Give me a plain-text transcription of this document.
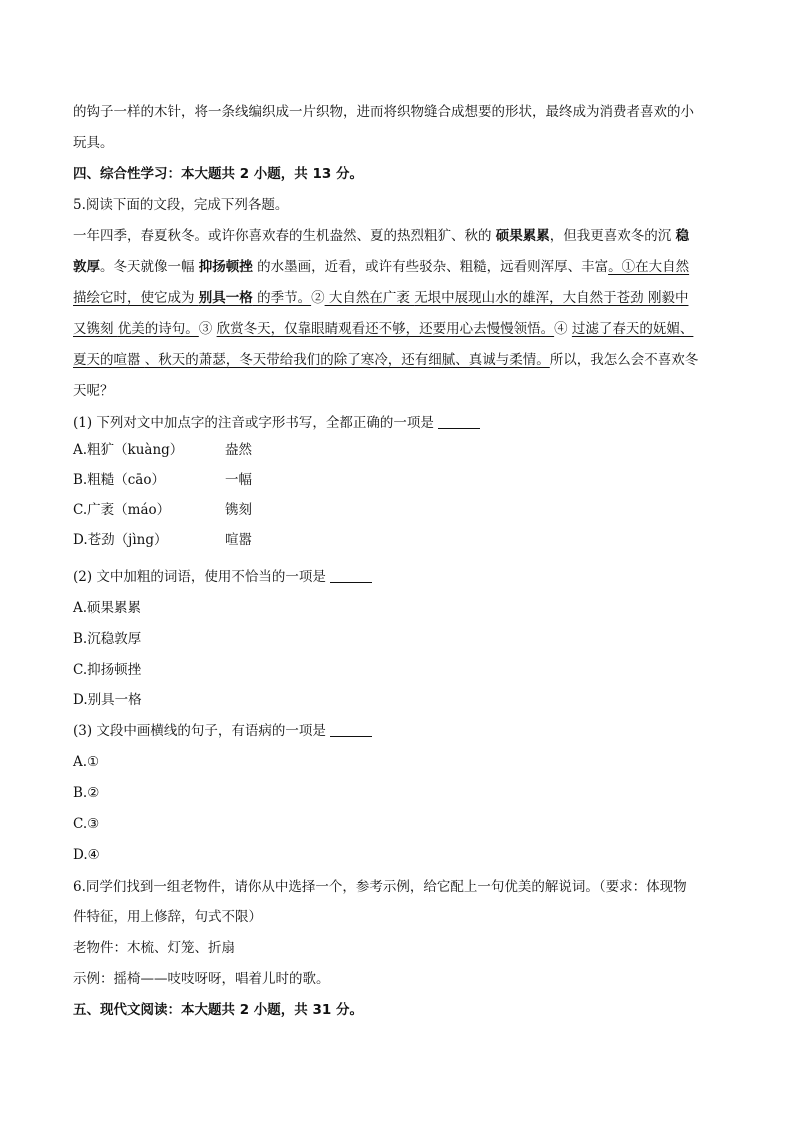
的钩子一样的木针，将一条线编织成一片织物，进而将织物缝合成想要的形状，最终成为消费者喜欢的小
玩具。
四、综合性学习：本大题共 2 小题，共 13 分。
5.阅读下面的文段，完成下列各题。
一年四季，春夏秋冬。或许你喜欢春的生机盎然、夏的热烈粗犷、秋的 硕果累累，但我更喜欢冬的沉 稳
敦厚。冬天就像一幅 抑扬顿挫 的水墨画，近看，或许有些驳杂、粗糙，远看则浑厚、丰富。①在大自然
描绘它时，使它成为 别具一格 的季节。② 大自然在广袤 无垠中展现山水的雄浑，大自然于苍劲 刚毅中
又镌刻 优美的诗句。③ 欣赏冬天，仅靠眼睛观看还不够，还要用心去慢慢领悟。④ 过滤了春天的妩媚、
夏天的喧嚣 、秋天的萧瑟，冬天带给我们的除了寒冷，还有细腻、真诚与柔情。所以，我怎么会不喜欢冬
天呢？
(1) 下列对文中加点字的注音或字形书写，全都正确的一项是
A.粗犷（kuàng）	盎然
B.粗糙（cāo）	一幅
C.广袤（máo）	镌刻
D.苍劲（jìng）	喧嚣
(2) 文中加粗的词语，使用不恰当的一项是
A.硕果累累
B.沉稳敦厚
C.抑扬顿挫
D.别具一格
(3) 文段中画横线的句子，有语病的一项是
A.①
B.②
C.③
D.④
6.同学们找到一组老物件，请你从中选择一个，参考示例，给它配上一句优美的解说词。（要求：体现物
件特征，用上修辞，句式不限）
老物件：木梳、灯笼、折扇
示例：摇椅——吱吱呀呀，唱着儿时的歌。
五、现代文阅读：本大题共 2 小题，共 31 分。
